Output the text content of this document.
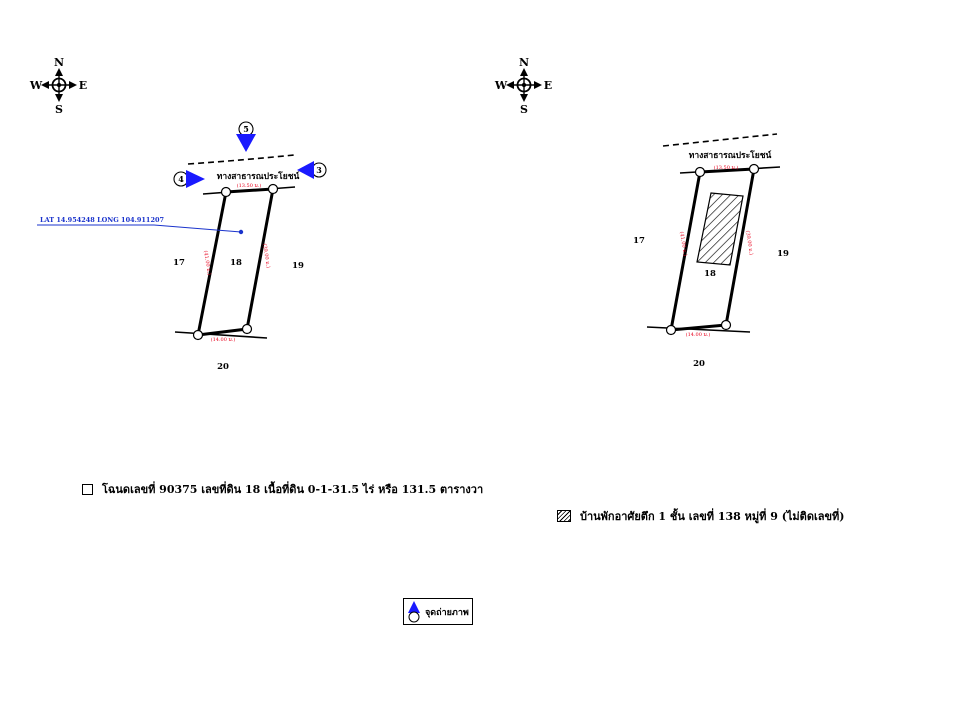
N
S
W	E
N
S
W	E
ทางสาธารณประโยชน์
(13.50 ม.)
(14.00 ม.)
(41.00 ม.)	(39.00 ม.)
18
17	19
20
LAT 14.954248 LONG 104.911207
5
4
3
ทางสาธารณประโยชน์
(13.50 ม.)
(14.00 ม.)
(41.00 ม.)	(39.00 ม.)
18
17
19
20
โฉนดเลขที่ 90375 เลขที่ดิน 18 เนื้อที่ดิน 0-1-31.5 ไร่ หรือ 131.5 ตารางวา
บ้านพักอาศัยตึก 1 ชั้น เลขที่ 138 หมู่ที่ 9 (ไม่ติดเลขที่)
จุดถ่ายภาพ
